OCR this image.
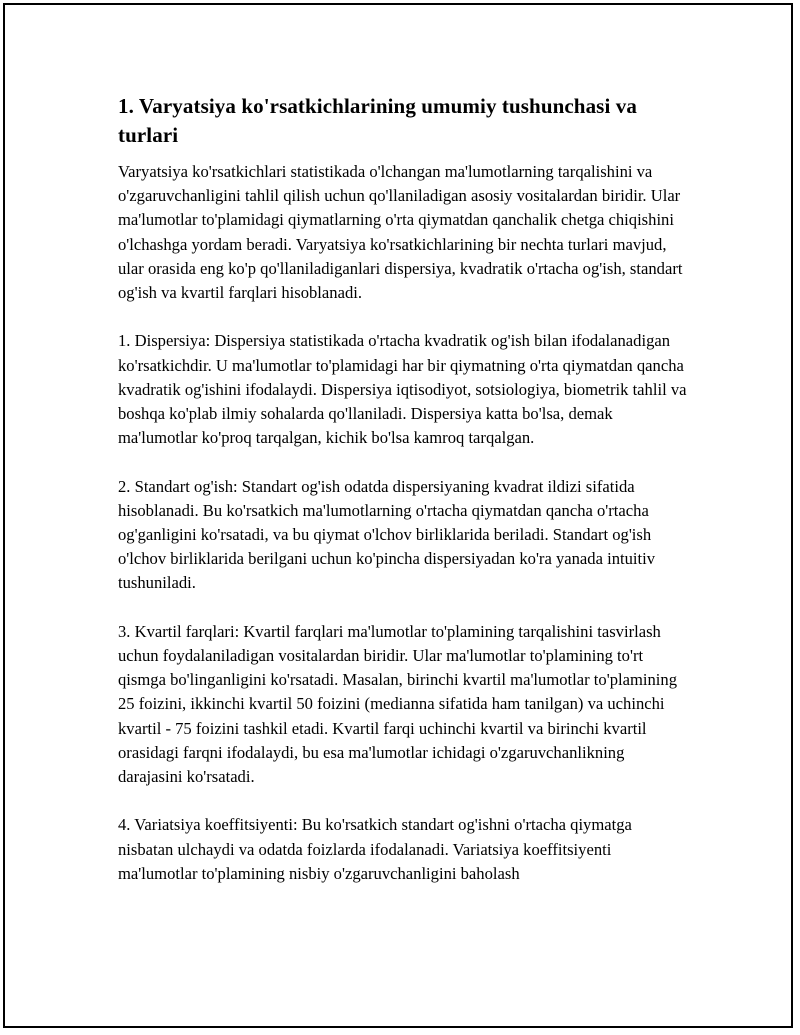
1. Varyatsiya ko'rsatkichlarining umumiy tushunchasi va turlari

Varyatsiya ko'rsatkichlari statistikada o'lchangan ma'lumotlarning tarqalishini va o'zgaruvchanligini tahlil qilish uchun qo'llaniladigan asosiy vositalardan biridir. Ular ma'lumotlar to'plamidagi qiymatlarning o'rta qiymatdan qanchalik chetga chiqishini o'lchashga yordam beradi. Varyatsiya ko'rsatkichlarining bir nechta turlari mavjud, ular orasida eng ko'p qo'llaniladiganlari dispersiya, kvadratik o'rtacha og'ish, standart og'ish va kvartil farqlari hisoblanadi.

1. Dispersiya: Dispersiya statistikada o'rtacha kvadratik og'ish bilan ifodalanadigan ko'rsatkichdir. U ma'lumotlar to'plamidagi har bir qiymatning o'rta qiymatdan qancha kvadratik og'ishini ifodalaydi. Dispersiya iqtisodiyot, sotsiologiya, biometrik tahlil va boshqa ko'plab ilmiy sohalarda qo'llaniladi. Dispersiya katta bo'lsa, demak ma'lumotlar ko'proq tarqalgan, kichik bo'lsa kamroq tarqalgan.

2. Standart og'ish: Standart og'ish odatda dispersiyaning kvadrat ildizi sifatida hisoblanadi. Bu ko'rsatkich ma'lumotlarning o'rtacha qiymatdan qancha o'rtacha og'ganligini ko'rsatadi, va bu qiymat o'lchov birliklarida beriladi. Standart og'ish o'lchov birliklarida berilgani uchun ko'pincha dispersiyadan ko'ra yanada intuitiv tushuniladi.

3. Kvartil farqlari: Kvartil farqlari ma'lumotlar to'plamining tarqalishini tasvirlash uchun foydalaniladigan vositalardan biridir. Ular ma'lumotlar to'plamining to'rt qismga bo'linganligini ko'rsatadi. Masalan, birinchi kvartil ma'lumotlar to'plamining 25 foizini, ikkinchi kvartil 50 foizini (medianna sifatida ham tanilgan) va uchinchi kvartil - 75 foizini tashkil etadi. Kvartil farqi uchinchi kvartil va birinchi kvartil orasidagi farqni ifodalaydi, bu esa ma'lumotlar ichidagi o'zgaruvchanlikning darajasini ko'rsatadi.

4. Variatsiya koeffitsiyenti: Bu ko'rsatkich standart og'ishni o'rtacha qiymatga nisbatan ulchaydi va odatda foizlarda ifodalanadi. Variatsiya koeffitsiyenti ma'lumotlar to'plamining nisbiy o'zgaruvchanligini baholash
